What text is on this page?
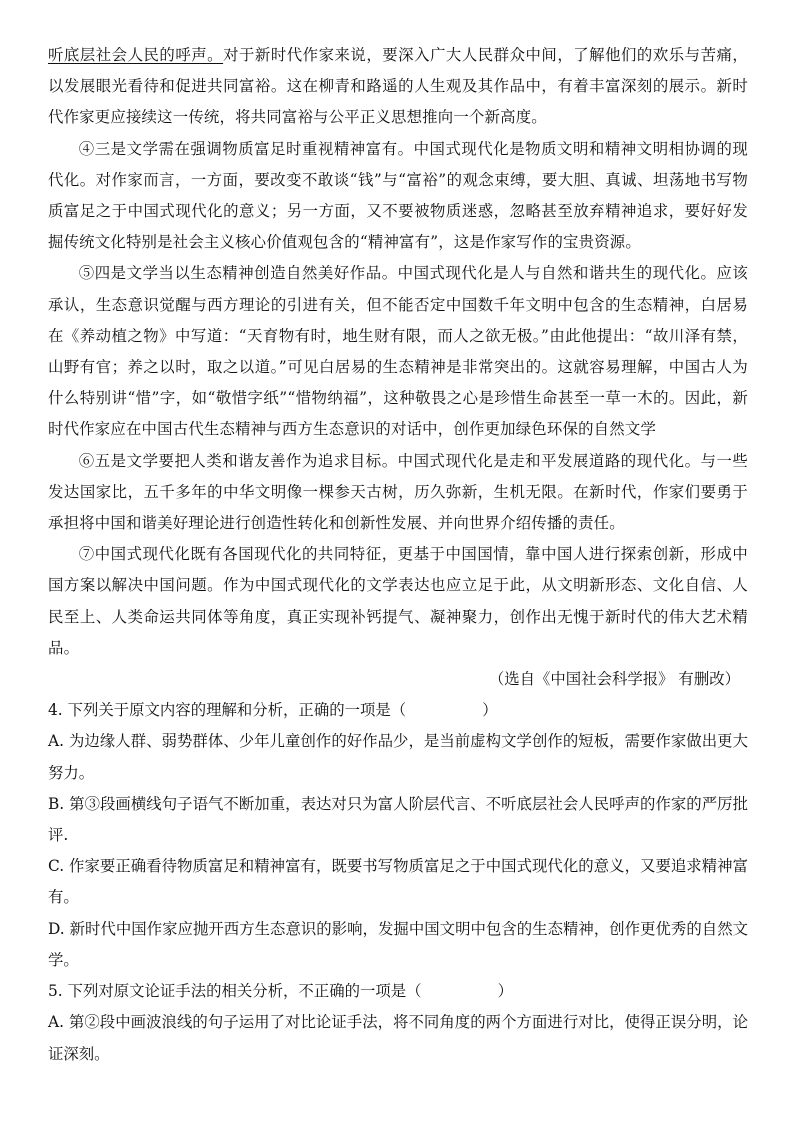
听底层社会人民的呼声。对于新时代作家来说，要深入广大人民群众中间，了解他们的欢乐与苦痛，以发展眼光看待和促进共同富裕。这在柳青和路遥的人生观及其作品中，有着丰富深刻的展示。新时代作家更应接续这一传统，将共同富裕与公平正义思想推向一个新高度。

④三是文学需在强调物质富足时重视精神富有。中国式现代化是物质文明和精神文明相协调的现代化。对作家而言，一方面，要改变不敢谈“钱”与“富裕”的观念束缚，要大胆、真诚、坦荡地书写物质富足之于中国式现代化的意义；另一方面，又不要被物质迷惑，忽略甚至放弃精神追求，要好好发掘传统文化特别是社会主义核心价值观包含的“精神富有”，这是作家写作的宝贵资源。

⑤四是文学当以生态精神创造自然美好作品。中国式现代化是人与自然和谐共生的现代化。应该承认，生态意识觉醒与西方理论的引进有关，但不能否定中国数千年文明中包含的生态精神，白居易在《养动植之物》中写道：“天育物有时，地生财有限，而人之欲无极。”由此他提出：“故川泽有禁，山野有官；养之以时，取之以道。”可见白居易的生态精神是非常突出的。这就容易理解，中国古人为什么特别讲“惜”字，如“敬惜字纸”“惜物纳福”，这种敬畏之心是珍惜生命甚至一草一木的。因此，新时代作家应在中国古代生态精神与西方生态意识的对话中，创作更加绿色环保的自然文学

⑥五是文学要把人类和谐友善作为追求目标。中国式现代化是走和平发展道路的现代化。与一些发达国家比，五千多年的中华文明像一棵参天古树，历久弥新，生机无限。在新时代，作家们要勇于承担将中国和谐美好理论进行创造性转化和创新性发展、并向世界介绍传播的责任。

⑦中国式现代化既有各国现代化的共同特征，更基于中国国情，靠中国人进行探索创新，形成中国方案以解决中国问题。作为中国式现代化的文学表达也应立足于此，从文明新形态、文化自信、人民至上、人类命运共同体等角度，真正实现补钙提气、凝神聚力，创作出无愧于新时代的伟大艺术精品。

（选自《中国社会科学报》 有删改）

4. 下列关于原文内容的理解和分析，正确的一项是（	）

A. 为边缘人群、弱势群体、少年儿童创作的好作品少，是当前虚构文学创作的短板，需要作家做出更大努力。

B. 第③段画横线句子语气不断加重，表达对只为富人阶层代言、不听底层社会人民呼声的作家的严厉批评.

C. 作家要正确看待物质富足和精神富有，既要书写物质富足之于中国式现代化的意义，又要追求精神富有。

D. 新时代中国作家应抛开西方生态意识的影响，发掘中国文明中包含的生态精神，创作更优秀的自然文学。

5. 下列对原文论证手法的相关分析，不正确的一项是（	）

A. 第②段中画波浪线的句子运用了对比论证手法，将不同角度的两个方面进行对比，使得正误分明，论证深刻。
